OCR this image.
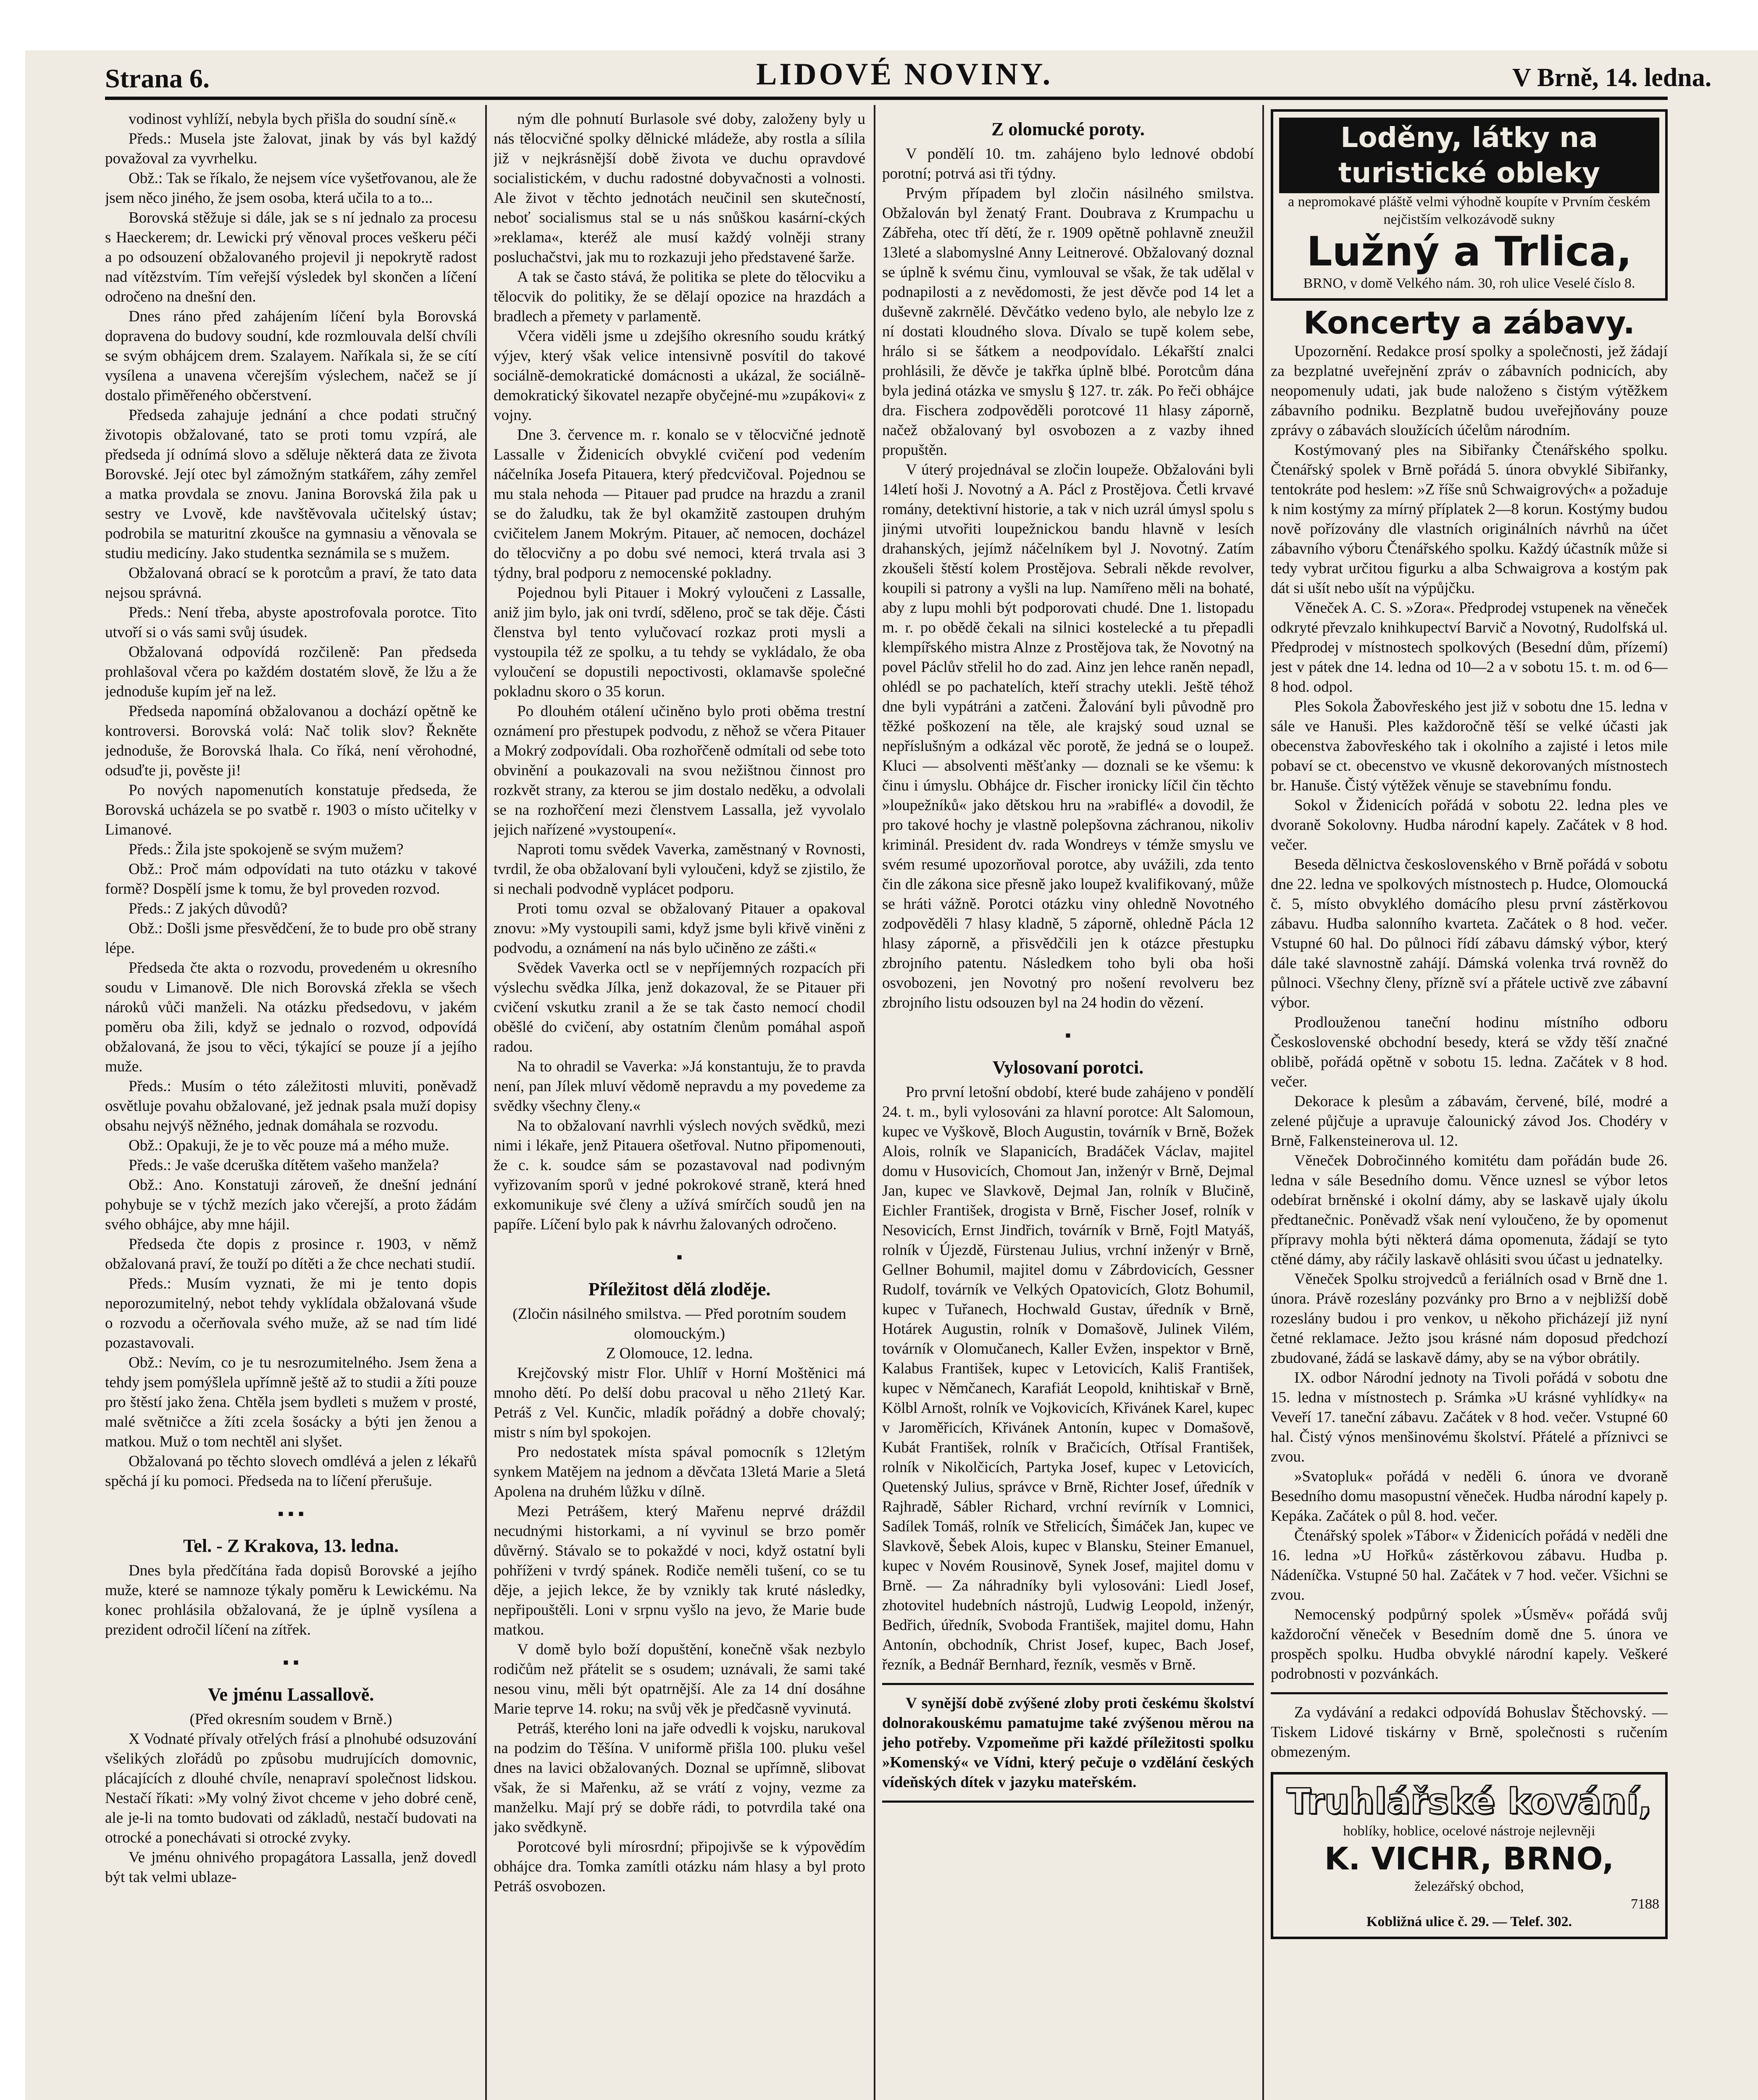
Strana 6.	LIDOVÉ NOVINY.	V Brně, 14. ledna.

vodinost vyhlíží, nebyla bych přišla do soudní síně.«

Předs.: Musela jste žalovat, jinak by vás byl každý považoval za vyvrhelku.

Obž.: Tak se říkalo, že nejsem více vyšetřovanou, ale že jsem něco jiného, že jsem osoba, která učila to a to...

Borovská stěžuje si dále, jak se s ní jednalo za procesu s Haeckerem; dr. Lewicki prý věnoval proces veškeru péči a po odsouzení obžalovaného projevil ji nepokrytě radost nad vítězstvím. Tím veřejší výsledek byl skončen a líčení odročeno na dnešní den.

Dnes ráno před zahájením líčení byla Borovská dopravena do budovy soudní, kde rozmlouvala delší chvíli se svým obhájcem drem. Szalayem. Naříkala si, že se cítí vysílena a unavena včerejším výslechem, načež se jí dostalo přiměřeného občerstvení.

Předseda zahajuje jednání a chce podati stručný životopis obžalované, tato se proti tomu vzpírá, ale předseda jí odnímá slovo a sděluje některá data ze života Borovské. Její otec byl zámožným statkářem, záhy zemřel a matka provdala se znovu. Janina Borovská žila pak u sestry ve Lvově, kde navštěvovala učitelský ústav; podrobila se maturitní zkoušce na gymnasiu a věnovala se studiu medicíny. Jako studentka seznámila se s mužem.

Obžalovaná obrací se k porotcům a praví, že tato data nejsou správná.

Předs.: Není třeba, abyste apostrofovala porotce. Tito utvoří si o vás sami svůj úsudek.

Obžalovaná odpovídá rozčileně: Pan předseda prohlašoval včera po každém dostatém slově, že lžu a že jednoduše kupím jeř na lež.

Předseda napomíná obžalovanou a dochází opětně ke kontroversi. Borovská volá: Nač tolik slov? Řekněte jednoduše, že Borovská lhala. Co říká, není věrohodné, odsuďte ji, pověste ji!

Po nových napomenutích konstatuje předseda, že Borovská ucházela se po svatbě r. 1903 o místo učitelky v Limanové.

Předs.: Žila jste spokojeně se svým mužem?

Obž.: Proč mám odpovídati na tuto otázku v takové formě? Dospělí jsme k tomu, že byl proveden rozvod.

Předs.: Z jakých důvodů?

Obž.: Došli jsme přesvědčení, že to bude pro obě strany lépe.

Předseda čte akta o rozvodu, provedeném u okresního soudu v Limanově. Dle nich Borovská zřekla se všech nároků vůči manželi. Na otázku předsedovu, v jakém poměru oba žili, když se jednalo o rozvod, odpovídá obžalovaná, že jsou to věci, týkající se pouze jí a jejího muže.

Předs.: Musím o této záležitosti mluviti, poněvadž osvětluje povahu obžalované, jež jednak psala muží dopisy obsahu nejvýš něžného, jednak domáhala se rozvodu.

Obž.: Opakuji, že je to věc pouze má a mého muže.

Předs.: Je vaše dceruška dítětem vašeho manžela?

Obž.: Ano. Konstatuji zároveň, že dnešní jednání pohybuje se v týchž mezích jako včerejší, a proto žádám svého obhájce, aby mne hájil.

Předseda čte dopis z prosince r. 1903, v němž obžalovaná praví, že touží po dítěti a že chce nechati studií.

Předs.: Musím vyznati, že mi je tento dopis neporozumitelný, nebot tehdy vyklídala obžalovaná všude o rozvodu a očerňovala svého muže, až se nad tím lidé pozastavovali.

Obž.: Nevím, co je tu nesrozumitelného. Jsem žena a tehdy jsem pomýšlela upřímně ještě až to studii a žíti pouze pro štěstí jako žena. Chtěla jsem bydleti s mužem v prosté, malé světničce a žíti zcela šosácky a býti jen ženou a matkou. Muž o tom nechtěl ani slyšet.

Obžalovaná po těchto slovech omdlévá a jelen z lékařů spěchá jí ku pomoci. Předseda na to líčení přerušuje.

▪ ▪ ▪
Tel. - Z Krakova, 13. ledna.

Dnes byla předčítána řada dopisů Borovské a jejího muže, které se namnoze týkaly poměru k Lewickému. Na konec prohlásila obžalovaná, že je úplně vysílena a prezident odročil líčení na zítřek.

▪ ▪
Ve jménu Lassallově.

(Před okresním soudem v Brně.)

X Vodnaté přívaly otřelých frásí a plnohubé odsuzování všelikých zlořádů po způsobu mudrujících domovnic, plácajících z dlouhé chvíle, nenapraví společnost lidskou. Nestačí říkati: »My volný život chceme v jeho dobré ceně, ale je-li na tomto budovati od základů, nestačí budovati na otrocké a ponechávati si otrocké zvyky.

Ve jménu ohnivého propagátora Lassalla, jenž dovedl být tak velmi ublaze-

ným dle pohnutí Burlasole své doby, založeny byly u nás tělocvičné spolky dělnické mládeže, aby rostla a sílila již v nejkrásnější době života ve duchu opravdové socialistickém, v duchu radostné dobyvačnosti a volnosti. Ale život v těchto jednotách neučinil sen skutečností, neboť socialismus stal se u nás snůškou kasární-ckých »reklama«, kteréž ale musí každý volněji strany posluchačstvi, jak mu to rozkazuji jeho představené šarže.

A tak se často stává, že politika se plete do tělocviku a tělocvik do politiky, že se dělají opozice na hrazdách a bradlech a přemety v parlamentě.

Včera viděli jsme u zdejšího okresního soudu krátký výjev, který však velice intensivně posvítil do takové sociálně-demokratické domácnosti a ukázal, že sociálně-demokratický šikovatel nezapře obyčejné-mu »zupákovi« z vojny.

Dne 3. července m. r. konalo se v tělocvičné jednotě Lassalle v Židenicích obvyklé cvičení pod vedením náčelníka Josefa Pitauera, který předcvičoval. Pojednou se mu stala nehoda — Pitauer pad prudce na hrazdu a zranil se do žaludku, tak že byl okamžitě zastoupen druhým cvičitelem Janem Mokrým. Pitauer, ač nemocen, docházel do tělocvičny a po dobu své nemoci, která trvala asi 3 týdny, bral podporu z nemocenské pokladny.

Pojednou byli Pitauer i Mokrý vyloučeni z Lassalle, aniž jim bylo, jak oni tvrdí, sděleno, proč se tak děje. Části členstva byl tento vylučovací rozkaz proti mysli a vystoupila též ze spolku, a tu tehdy se vykládalo, že oba vyloučení se dopustili nepoctivosti, oklamavše společné pokladnu skoro o 35 korun.

Po dlouhém otálení učiněno bylo proti oběma trestní oznámení pro přestupek podvodu, z něhož se včera Pitauer a Mokrý zodpovídali. Oba rozhořčeně odmítali od sebe toto obvinění a poukazovali na svou nežištnou činnost pro rozkvět strany, za kterou se jim dostalo neděku, a odvolali se na rozhořčení mezi členstvem Lassalla, jež vyvolalo jejich nařízené »vystoupení«.

Naproti tomu svědek Vaverka, zaměstnaný v Rovnosti, tvrdil, že oba obžalovaní byli vyloučeni, když se zjistilo, že si nechali podvodně vyplácet podporu.

Proti tomu ozval se obžalovaný Pitauer a opakoval znovu: »My vystoupili sami, když jsme byli křivě viněni z podvodu, a oznámení na nás bylo učiněno ze zášti.«

Svědek Vaverka octl se v nepříjemných rozpacích při výslechu svědka Jílka, jenž dokazoval, že se Pitauer při cvičení vskutku zranil a že se tak často nemocí chodil oběšlé do cvičení, aby ostatním členům pomáhal aspoň radou.

Na to ohradil se Vaverka: »Já konstantuju, že to pravda není, pan Jílek mluví vědomě nepravdu a my povedeme za svědky všechny členy.«

Na to obžalovaní navrhli výslech nových svědků, mezi nimi i lékaře, jenž Pitauera ošetřoval. Nutno připomenouti, že c. k. soudce sám se pozastavoval nad podivným vyřizovaním sporů v jedné pokrokové straně, která hned exkomunikuje své členy a užívá smírčích soudů jen na papíře. Líčení bylo pak k návrhu žalovaných odročeno.

▪
Příležitost dělá zloděje.

(Zločin násilného smilstva. — Před porotním soudem olomouckým.)

Z Olomouce, 12. ledna.

Krejčovský mistr Flor. Uhlíř v Horní Moštěnici má mnoho dětí. Po delší dobu pracoval u něho 21letý Kar. Petráš z Vel. Kunčic, mladík pořádný a dobře chovalý; mistr s ním byl spokojen.

Pro nedostatek místa spával pomocník s 12letým synkem Matějem na jednom a děvčata 13letá Marie a 5letá Apolena na druhém lůžku v dílně.

Mezi Petrášem, který Mařenu neprvé dráždil necudnými historkami, a ní vyvinul se brzo poměr důvěrný. Stávalo se to pokaždé v noci, když ostatní byli pohříženi v tvrdý spánek. Rodiče neměli tušení, co se tu děje, a jejich lekce, že by vznikly tak kruté následky, nepřipouštěli. Loni v srpnu vyšlo na jevo, že Marie bude matkou.

V domě bylo boží dopuštění, konečně však nezbylo rodičům než přátelit se s osudem; uznávali, že sami také nesou vinu, měli být opatrnější. Ale za 14 dní dosáhne Marie teprve 14. roku; na svůj věk je předčasně vyvinutá.

Petráš, kterého loni na jaře odvedli k vojsku, narukoval na podzim do Těšína. V uniformě přišla 100. pluku vešel dnes na lavici obžalovaných. Doznal se upřímně, slibovat však, že si Mařenku, až se vrátí z vojny, vezme za manželku. Mají prý se dobře rádi, to potvrdila také ona jako svědkyně.

Porotcové byli mírosrdní; připojivše se k výpovědím obhájce dra. Tomka zamítli otázku nám hlasy a byl proto Petráš osvobozen.

Z olomucké poroty.

V pondělí 10. tm. zahájeno bylo lednové období porotní; potrvá asi tři týdny.

Prvým případem byl zločin násilného smilstva. Obžalován byl ženatý Frant. Doubrava z Krumpachu u Zábřeha, otec tří dětí, že r. 1909 opětně pohlavně zneužil 13leté a slabomyslné Anny Leitnerové. Obžalovaný doznal se úplně k svému činu, vymlouval se však, že tak udělal v podnapilosti a z nevědomosti, že jest děvče pod 14 let a duševně zakrnělé. Děvčátko vedeno bylo, ale nebylo lze z ní dostati kloudného slova. Dívalo se tupě kolem sebe, hrálo si se šátkem a neodpovídalo. Lékařští znalci prohlásili, že děvče je takřka úplně blbé. Porotcům dána byla jediná otázka ve smyslu § 127. tr. zák. Po řeči obhájce dra. Fischera zodpověděli porotcové 11 hlasy záporně, načež obžalovaný byl osvobozen a z vazby ihned propuštěn.

V úterý projednával se zločin loupeže. Obžalováni byli 14letí hoši J. Novotný a A. Pácl z Prostějova. Četli krvavé romány, detektivní historie, a tak v nich uzrál úmysl spolu s jinými utvořiti loupežnickou bandu hlavně v lesích drahanských, jejímž náčelníkem byl J. Novotný. Zatím zkoušeli štěstí kolem Prostějova. Sebrali někde revolver, koupili si patrony a vyšli na lup. Namířeno měli na bohaté, aby z lupu mohli být podporovati chudé. Dne 1. listopadu m. r. po obědě čekali na silnici kostelecké a tu přepadli klempířského mistra Alnze z Prostějova tak, že Novotný na povel Páclův střelil ho do zad. Ainz jen lehce raněn nepadl, ohlédl se po pachatelích, kteří strachy utekli. Ještě téhož dne byli vypátráni a zatčeni. Žalování byli původně pro těžké poškození na těle, ale krajský soud uznal se nepříslušným a odkázal věc porotě, že jedná se o loupež. Kluci — absolventi měšťanky — doznali se ke všemu: k činu i úmyslu. Obhájce dr. Fischer ironicky líčil čin těchto »loupežníků« jako dětskou hru na »rabiflé« a dovodil, že pro takové hochy je vlastně polepšovna záchranou, nikoliv kriminál. President dv. rada Wondreys v témže smyslu ve svém resumé upozorňoval porotce, aby uvážili, zda tento čin dle zákona sice přesně jako loupež kvalifikovaný, může se hráti vážně. Porotci otázku viny ohledně Novotného zodpověděli 7 hlasy kladně, 5 záporně, ohledně Pácla 12 hlasy záporně, a přisvědčili jen k otázce přestupku zbrojního patentu. Následkem toho byli oba hoši osvobozeni, jen Novotný pro nošení revolveru bez zbrojního listu odsouzen byl na 24 hodin do vězení.

▪
Vylosovaní porotci.

Pro první letošní období, které bude zahájeno v pondělí 24. t. m., byli vylosováni za hlavní porotce: Alt Salomoun, kupec ve Vyškově, Bloch Augustin, továrník v Brně, Božek Alois, rolník ve Slapanicích, Bradáček Václav, majitel domu v Husovicích, Chomout Jan, inženýr v Brně, Dejmal Jan, kupec ve Slavkově, Dejmal Jan, rolník v Blučině, Eichler František, drogista v Brně, Fischer Josef, rolník v Nesovicích, Ernst Jindřich, továrník v Brně, Fojtl Matyáš, rolník v Újezdě, Fürstenau Julius, vrchní inženýr v Brně, Gellner Bohumil, majitel domu v Zábrdovicích, Gessner Rudolf, továrník ve Velkých Opatovicích, Glotz Bohumil, kupec v Tuřanech, Hochwald Gustav, úředník v Brně, Hotárek Augustin, rolník v Domašově, Julinek Vilém, továrník v Olomučanech, Kaller Evžen, inspektor v Brně, Kalabus František, kupec v Letovicích, Kališ František, kupec v Němčanech, Karafiát Leopold, knihtiskař v Brně, Kölbl Arnošt, rolník ve Vojkovicích, Křivánek Karel, kupec v Jaroměřicích, Křivánek Antonín, kupec v Domašově, Kubát František, rolník v Bračicích, Otřísal František, rolník v Nikolčicích, Partyka Josef, kupec v Letovicích, Quetenský Julius, správce v Brně, Richter Josef, úředník v Rajhradě, Sábler Richard, vrchní revírník v Lomnici, Sadílek Tomáš, rolník ve Střelicích, Šimáček Jan, kupec ve Slavkově, Šebek Alois, kupec v Blansku, Steiner Emanuel, kupec v Novém Rousinově, Synek Josef, majitel domu v Brně. — Za náhradníky byli vylosováni: Liedl Josef, zhotovitel hudebních nástrojů, Ludwig Leopold, inženýr, Bedřich, úředník, Svoboda František, majitel domu, Hahn Antonín, obchodník, Christ Josef, kupec, Bach Josef, řezník, a Bednář Bernhard, řezník, vesměs v Brně.

V synější době zvýšené zloby proti českému školství dolnorakouskému pamatujme také zvýšenou měrou na jeho potřeby. Vzpomeňme při každé příležitosti spolku »Komenský« ve Vídni, který pečuje o vzdělání českých vídeňských dítek v jazyku mateřském.

Loděny, látky na turistické obleky
a nepromokavé pláště velmi výhodně koupíte v Prvním českém nejčistším velkozávodě sukny
Lužný a Trlica,
BRNO, v domě Velkého nám. 30, roh ulice Veselé číslo 8.
Koncerty a zábavy.

Upozornění. Redakce prosí spolky a společnosti, jež žádají za bezplatné uveřejnění zpráv o zábavních podnicích, aby neopomenuly udati, jak bude naloženo s čistým výtěžkem zábavního podniku. Bezplatně budou uveřejňovány pouze zprávy o zábavách sloužících účelům národním.

Kostýmovaný ples na Sibiřanky Čtenářského spolku. Čtenářský spolek v Brně pořádá 5. února obvyklé Sibiřanky, tentokráte pod heslem: »Z říše snů Schwaigrových« a požaduje k nim kostýmy za mírný příplatek 2—8 korun. Kostýmy budou nově pořízovány dle vlastních originálních návrhů na účet zábavního výboru Čtenářského spolku. Každý účastník může si tedy vybrat určitou figurku a alba Schwaigrova a kostým pak dát si ušít nebo ušít na výpůjčku.

Věneček A. C. S. »Zora«. Předprodej vstupenek na věneček odkryté převzalo knihkupectví Barvič a Novotný, Rudolfská ul. Předprodej v místnostech spolkových (Besední dům, přízemí) jest v pátek dne 14. ledna od 10—2 a v sobotu 15. t. m. od 6—8 hod. odpol.

Ples Sokola Žabovřeského jest již v sobotu dne 15. ledna v sále ve Hanuši. Ples každoročně těší se velké účasti jak obecenstva žabovřeského tak i okolního a zajisté i letos mile pobaví se ct. obecenstvo ve vkusně dekorovaných místnostech br. Hanuše. Čistý výtěžek věnuje se stavebnímu fondu.

Sokol v Židenicích pořádá v sobotu 22. ledna ples ve dvoraně Sokolovny. Hudba národní kapely. Začátek v 8 hod. večer.

Beseda dělnictva československého v Brně pořádá v sobotu dne 22. ledna ve spolkových místnostech p. Hudce, Olomoucká č. 5, místo obvyklého domácího plesu první zástěrkovou zábavu. Hudba salonního kvarteta. Začátek o 8 hod. večer. Vstupné 60 hal. Do půlnoci řídí zábavu dámský výbor, který dále také slavnostně zahájí. Dámská volenka trvá rovněž do půlnoci. Všechny členy, přízně sví a přátele uctivě zve zábavní výbor.

Prodlouženou taneční hodinu místního odboru Československé obchodní besedy, která se vždy těší značné oblibě, pořádá opětně v sobotu 15. ledna. Začátek v 8 hod. večer.

Dekorace k plesům a zábavám, červené, bílé, modré a zelené půjčuje a upravuje čalounický závod Jos. Chodéry v Brně, Falkensteinerova ul. 12.

Věneček Dobročinného komitétu dam pořádán bude 26. ledna v sále Besedního domu. Věnce uznesl se výbor letos odebírat brněnské i okolní dámy, aby se laskavě ujaly úkolu předtanečnic. Poněvadž však není vyloučeno, že by opomenut přípravy mohla býti některá dáma opomenuta, žádají se tyto ctěné dámy, aby ráčily laskavě ohlásiti svou účast u jednatelky.

Věneček Spolku strojvedců a feriálních osad v Brně dne 1. února. Právě rozeslány pozvánky pro Brno a v nejbližší době rozeslány budou i pro venkov, u někoho přicházejí již nyní četné reklamace. Ježto jsou krásné nám doposud předchozí zbudované, žádá se laskavě dámy, aby se na výbor obrátily.

IX. odbor Národní jednoty na Tivoli pořádá v sobotu dne 15. ledna v místnostech p. Srámka »U krásné vyhlídky« na Veveří 17. taneční zábavu. Začátek v 8 hod. večer. Vstupné 60 hal. Čistý výnos menšinovému školství. Přátelé a příznivci se zvou.

»Svatopluk« pořádá v neděli 6. února ve dvoraně Besedního domu masopustní věneček. Hudba národní kapely p. Kepáka. Začátek o půl 8. hod. večer.

Čtenářský spolek »Tábor« v Židenicích pořádá v neděli dne 16. ledna »U Hořků« zástěrkovou zábavu. Hudba p. Nádeníčka. Vstupné 50 hal. Začátek v 7 hod. večer. Všichni se zvou.

Nemocenský podpůrný spolek »Úsměv« pořádá svůj každoroční věneček v Besedním domě dne 5. února ve prospěch spolku. Hudba obvyklé národní kapely. Veškeré podrobnosti v pozvánkách.

Za vydávání a redakci odpovídá Bohuslav Štěchovský. — Tiskem Lidové tiskárny v Brně, společnosti s ručením obmezeným.

Truhlářské kování,
hoblíky, hoblice, ocelové nástroje nejlevněji
K. VICHR, BRNO,
železářský obchod,
7188
Kobližná ulice č. 29. — Telef. 302.
